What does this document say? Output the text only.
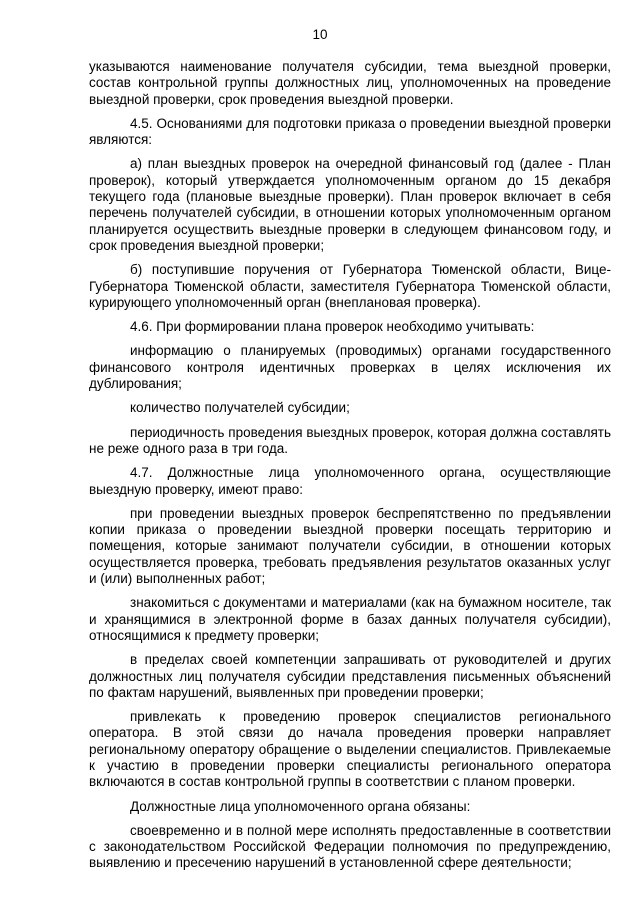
10

указываются наименование получателя субсидии, тема выездной проверки, состав контрольной группы должностных лиц, уполномоченных на проведение выездной проверки, срок проведения выездной проверки.

4.5. Основаниями для подготовки приказа о проведении выездной проверки являются:

а) план выездных проверок на очередной финансовый год (далее - План проверок), который утверждается уполномоченным органом до 15 декабря текущего года (плановые выездные проверки). План проверок включает в себя перечень получателей субсидии, в отношении которых уполномоченным органом планируется осуществить выездные проверки в следующем финансовом году, и срок проведения выездной проверки;

б) поступившие поручения от Губернатора Тюменской области, Вице-Губернатора Тюменской области, заместителя Губернатора Тюменской области, курирующего уполномоченный орган (внеплановая проверка).

4.6. При формировании плана проверок необходимо учитывать:

информацию о планируемых (проводимых) органами государственного финансового контроля идентичных проверках в целях исключения их дублирования;

количество получателей субсидии;

периодичность проведения выездных проверок, которая должна составлять не реже одного раза в три года.

4.7. Должностные лица уполномоченного органа, осуществляющие выездную проверку, имеют право:

при проведении выездных проверок беспрепятственно по предъявлении копии приказа о проведении выездной проверки посещать территорию и помещения, которые занимают получатели субсидии, в отношении которых осуществляется проверка, требовать предъявления результатов оказанных услуг и (или) выполненных работ;

знакомиться с документами и материалами (как на бумажном носителе, так и хранящимися в электронной форме в базах данных получателя субсидии), относящимися к предмету проверки;

в пределах своей компетенции запрашивать от руководителей и других должностных лиц получателя субсидии представления письменных объяснений по фактам нарушений, выявленных при проведении проверки;

привлекать к проведению проверок специалистов регионального оператора. В этой связи до начала проведения проверки направляет региональному оператору обращение о выделении специалистов. Привлекаемые к участию в проведении проверки специалисты регионального оператора включаются в состав контрольной группы в соответствии с планом проверки.

Должностные лица уполномоченного органа обязаны:

своевременно и в полной мере исполнять предоставленные в соответствии с законодательством Российской Федерации полномочия по предупреждению, выявлению и пресечению нарушений в установленной сфере деятельности;
